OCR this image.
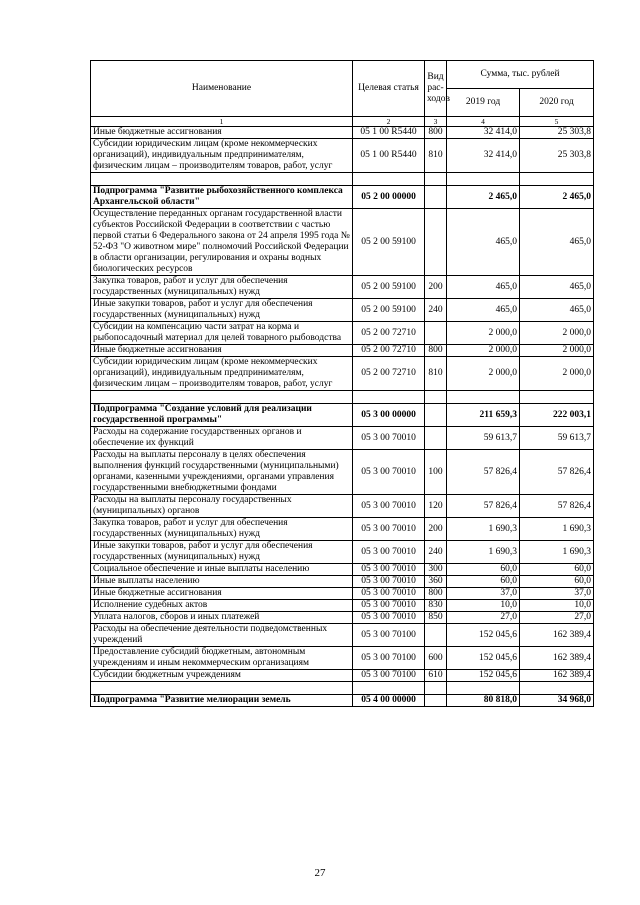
Наименование	Целевая статья	Вид рас-ходов	Сумма, тыс. рублей	
			2019 год	2020 год
1	2	3	4	5
Иные бюджетные ассигнования	05 1 00 R5440	800	32 414,0	25 303,8
Субсидии юридическим лицам (кроме некоммерческих организаций), индивидуальным предпринимателям, физическим лицам – производителям товаров, работ, услуг	05 1 00 R5440	810	32 414,0	25 303,8

Подпрограмма "Развитие рыбохозяйственного комплекса Архангельской области"	05 2 00 00000		2 465,0	2 465,0
Осуществление переданных органам государственной власти субъектов Российской Федерации в соответствии с частью первой статьи 6 Федерального закона от 24 апреля 1995 года № 52-ФЗ "О животном мире" полномочий Российской Федерации в области организации, регулирования и охраны водных биологических ресурсов	05 2 00 59100		465,0	465,0
Закупка товаров, работ и услуг для обеспечения государственных (муниципальных) нужд	05 2 00 59100	200	465,0	465,0
Иные закупки товаров, работ и услуг для обеспечения государственных (муниципальных) нужд	05 2 00 59100	240	465,0	465,0
Субсидии на компенсацию части затрат на корма и рыбопосадочный материал для целей товарного рыбоводства	05 2 00 72710		2 000,0	2 000,0
Иные бюджетные ассигнования	05 2 00 72710	800	2 000,0	2 000,0
Субсидии юридическим лицам (кроме некоммерческих организаций), индивидуальным предпринимателям, физическим лицам – производителям товаров, работ, услуг	05 2 00 72710	810	2 000,0	2 000,0

Подпрограмма "Создание условий для реализации государственной программы"	05 3 00 00000		211 659,3	222 003,1
Расходы на содержание государственных органов и обеспечение их функций	05 3 00 70010		59 613,7	59 613,7
Расходы на выплаты персоналу в целях обеспечения выполнения функций государственными (муниципальными) органами, казенными учреждениями, органами управления государственными внебюджетными фондами	05 3 00 70010	100	57 826,4	57 826,4
Расходы на выплаты персоналу государственных (муниципальных) органов	05 3 00 70010	120	57 826,4	57 826,4
Закупка товаров, работ и услуг для обеспечения государственных (муниципальных) нужд	05 3 00 70010	200	1 690,3	1 690,3
Иные закупки товаров, работ и услуг для обеспечения государственных (муниципальных) нужд	05 3 00 70010	240	1 690,3	1 690,3
Социальное обеспечение и иные выплаты населению	05 3 00 70010	300	60,0	60,0
Иные выплаты населению	05 3 00 70010	360	60,0	60,0
Иные бюджетные ассигнования	05 3 00 70010	800	37,0	37,0
Исполнение судебных актов	05 3 00 70010	830	10,0	10,0
Уплата налогов, сборов и иных платежей	05 3 00 70010	850	27,0	27,0
Расходы на обеспечение деятельности подведомственных учреждений	05 3 00 70100		152 045,6	162 389,4
Предоставление субсидий бюджетным, автономным учреждениям и иным некоммерческим организациям	05 3 00 70100	600	152 045,6	162 389,4
Субсидии бюджетным учреждениям	05 3 00 70100	610	152 045,6	162 389,4

Подпрограмма "Развитие мелиорации земель	05 4 00 00000		80 818,0	34 968,0
27
